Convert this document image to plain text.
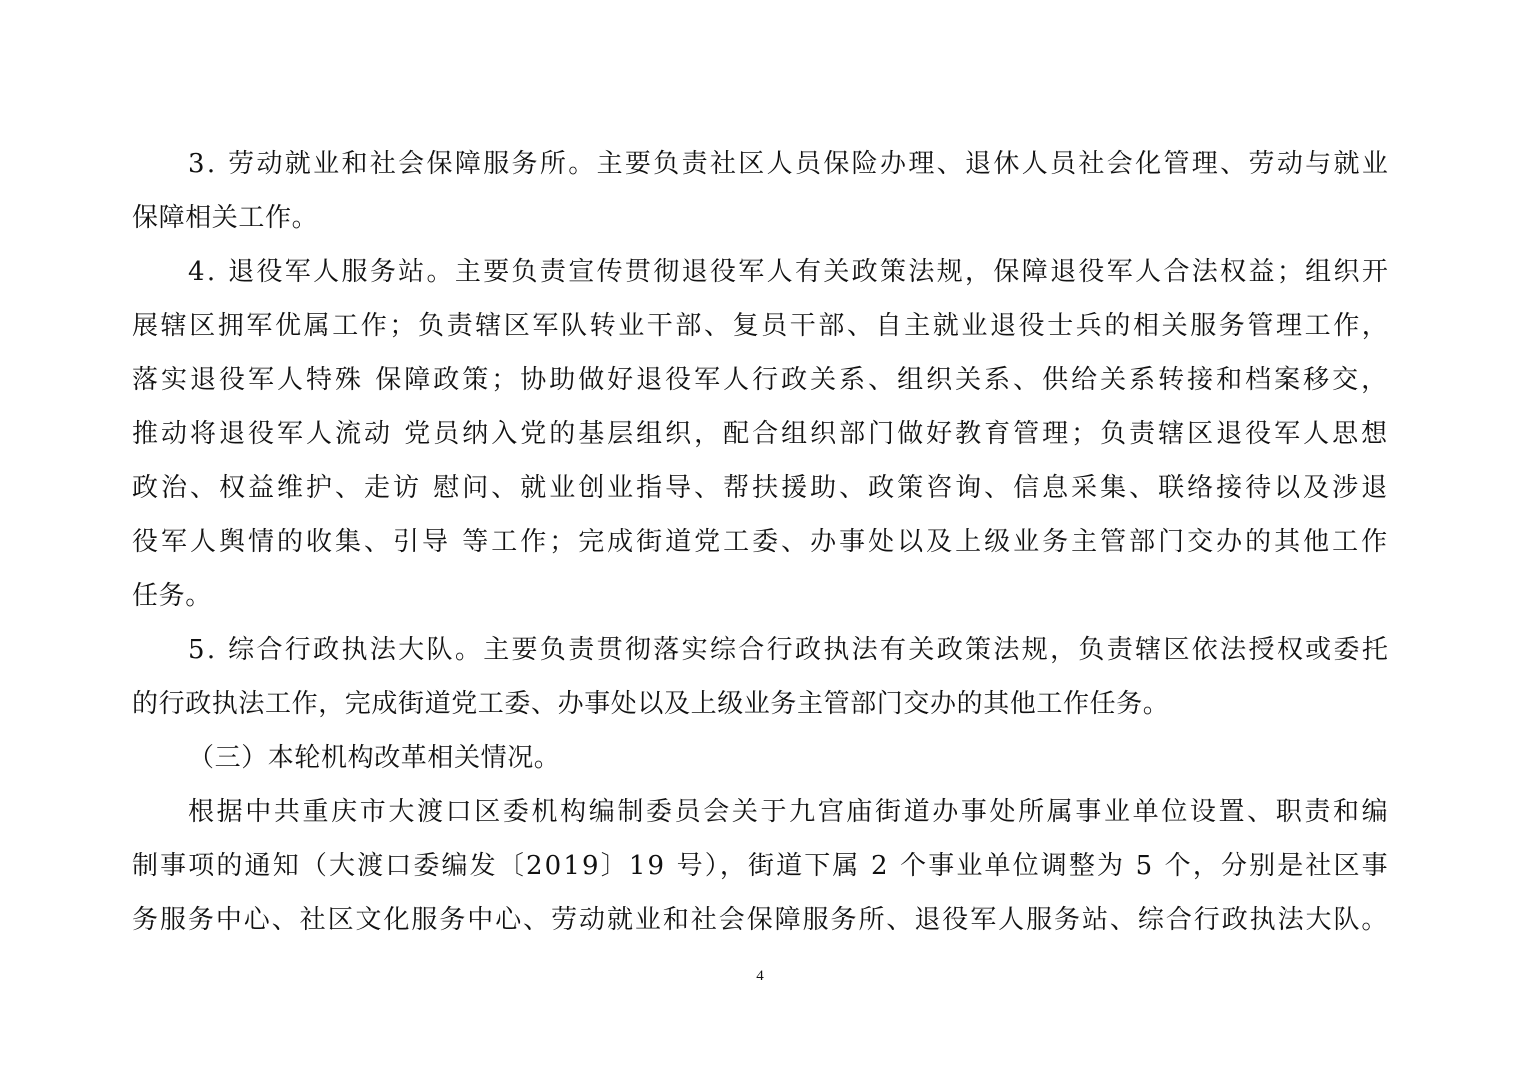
3. 劳动就业和社会保障服务所。主要负责社区人员保险办理、退休人员社会化管理、劳动与就业
保障相关工作。
4. 退役军人服务站。主要负责宣传贯彻退役军人有关政策法规，保障退役军人合法权益；组织开
展辖区拥军优属工作；负责辖区军队转业干部、复员干部、自主就业退役士兵的相关服务管理工作，
落实退役军人特殊 保障政策；协助做好退役军人行政关系、组织关系、供给关系转接和档案移交，
推动将退役军人流动 党员纳入党的基层组织，配合组织部门做好教育管理；负责辖区退役军人思想
政治、权益维护、走访 慰问、就业创业指导、帮扶援助、政策咨询、信息采集、联络接待以及涉退
役军人舆情的收集、引导 等工作；完成街道党工委、办事处以及上级业务主管部门交办的其他工作
任务。
5. 综合行政执法大队。主要负责贯彻落实综合行政执法有关政策法规，负责辖区依法授权或委托
的行政执法工作，完成街道党工委、办事处以及上级业务主管部门交办的其他工作任务。
（三）本轮机构改革相关情况。
根据中共重庆市大渡口区委机构编制委员会关于九宫庙街道办事处所属事业单位设置、职责和编
制事项的通知（大渡口委编发〔2019〕19 号），街道下属 2 个事业单位调整为 5 个，分别是社区事
务服务中心、社区文化服务中心、劳动就业和社会保障服务所、退役军人服务站、综合行政执法大队。
4
